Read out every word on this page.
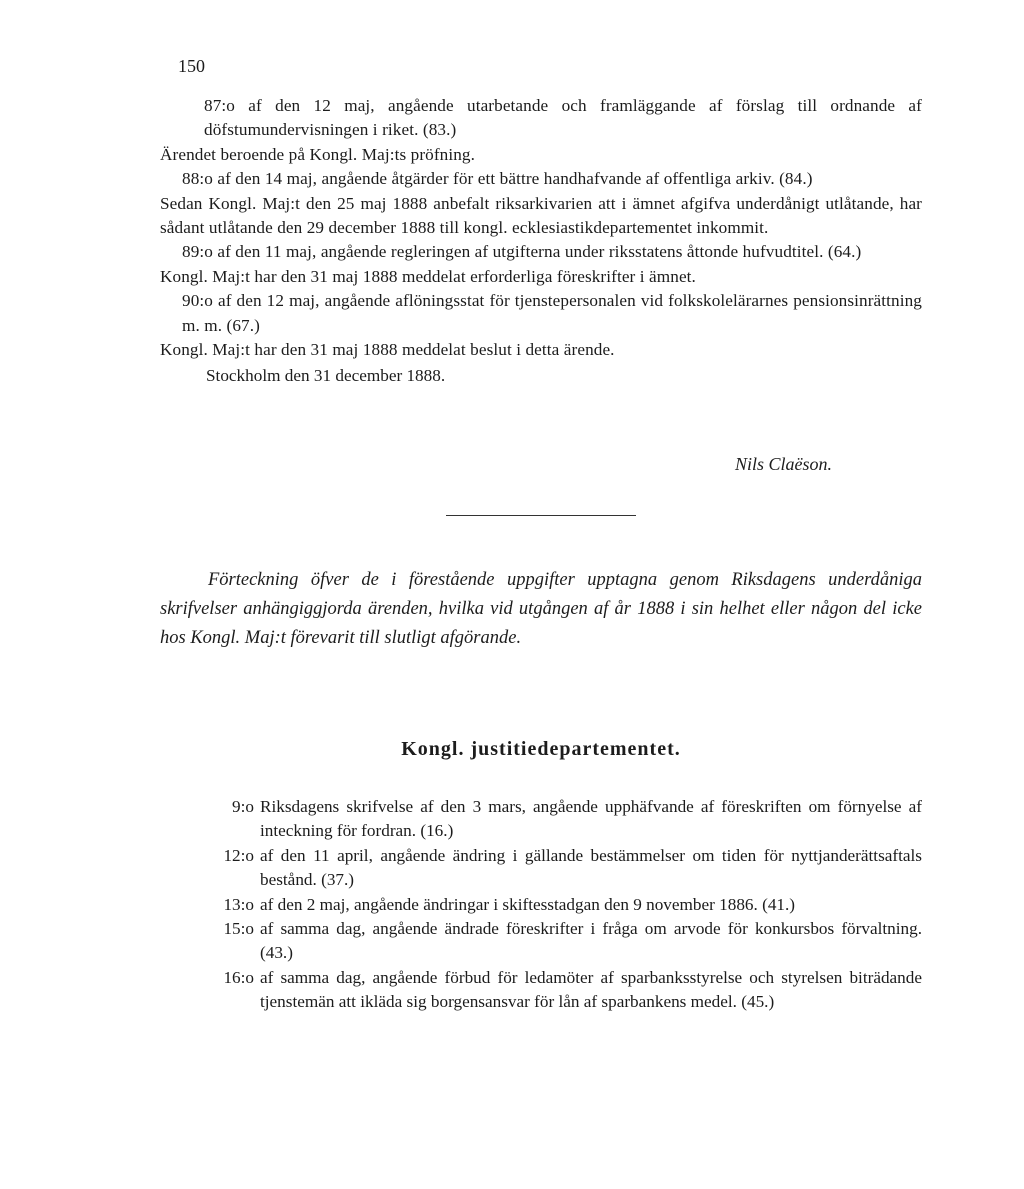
150
87:o af den 12 maj, angående utarbetande och framläggande af förslag till ordnande af döfstumundervisningen i riket. (83.)
Ärendet beroende på Kongl. Maj:ts pröfning.
88:o af den 14 maj, angående åtgärder för ett bättre handhafvande af offentliga arkiv. (84.)
Sedan Kongl. Maj:t den 25 maj 1888 anbefalt riksarkivarien att i ämnet afgifva underdånigt utlåtande, har sådant utlåtande den 29 december 1888 till kongl. ecklesiastikdepartementet inkommit.
89:o af den 11 maj, angående regleringen af utgifterna under riksstatens åttonde hufvudtitel. (64.)
Kongl. Maj:t har den 31 maj 1888 meddelat erforderliga föreskrifter i ämnet.
90:o af den 12 maj, angående aflöningsstat för tjenstepersonalen vid folkskolelärarnes pensionsinrättning m. m. (67.)
Kongl. Maj:t har den 31 maj 1888 meddelat beslut i detta ärende.
Stockholm den 31 december 1888.
Nils Claëson.
Förteckning öfver de i förestående uppgifter upptagna genom Riksdagens underdåniga skrifvelser anhängiggjorda ärenden, hvilka vid utgången af år 1888 i sin helhet eller någon del icke hos Kongl. Maj:t förevarit till slutligt afgörande.
Kongl. justitiedepartementet.
9:o Riksdagens skrifvelse af den 3 mars, angående upphäfvande af föreskriften om förnyelse af inteckning för fordran. (16.)
12:o af den 11 april, angående ändring i gällande bestämmelser om tiden för nyttjanderättsaftals bestånd. (37.)
13:o af den 2 maj, angående ändringar i skiftesstadgan den 9 november 1886. (41.)
15:o af samma dag, angående ändrade föreskrifter i fråga om arvode för konkursbos förvaltning. (43.)
16:o af samma dag, angående förbud för ledamöter af sparbanksstyrelse och styrelsen biträdande tjenstemän att ikläda sig borgensansvar för lån af sparbankens medel. (45.)
